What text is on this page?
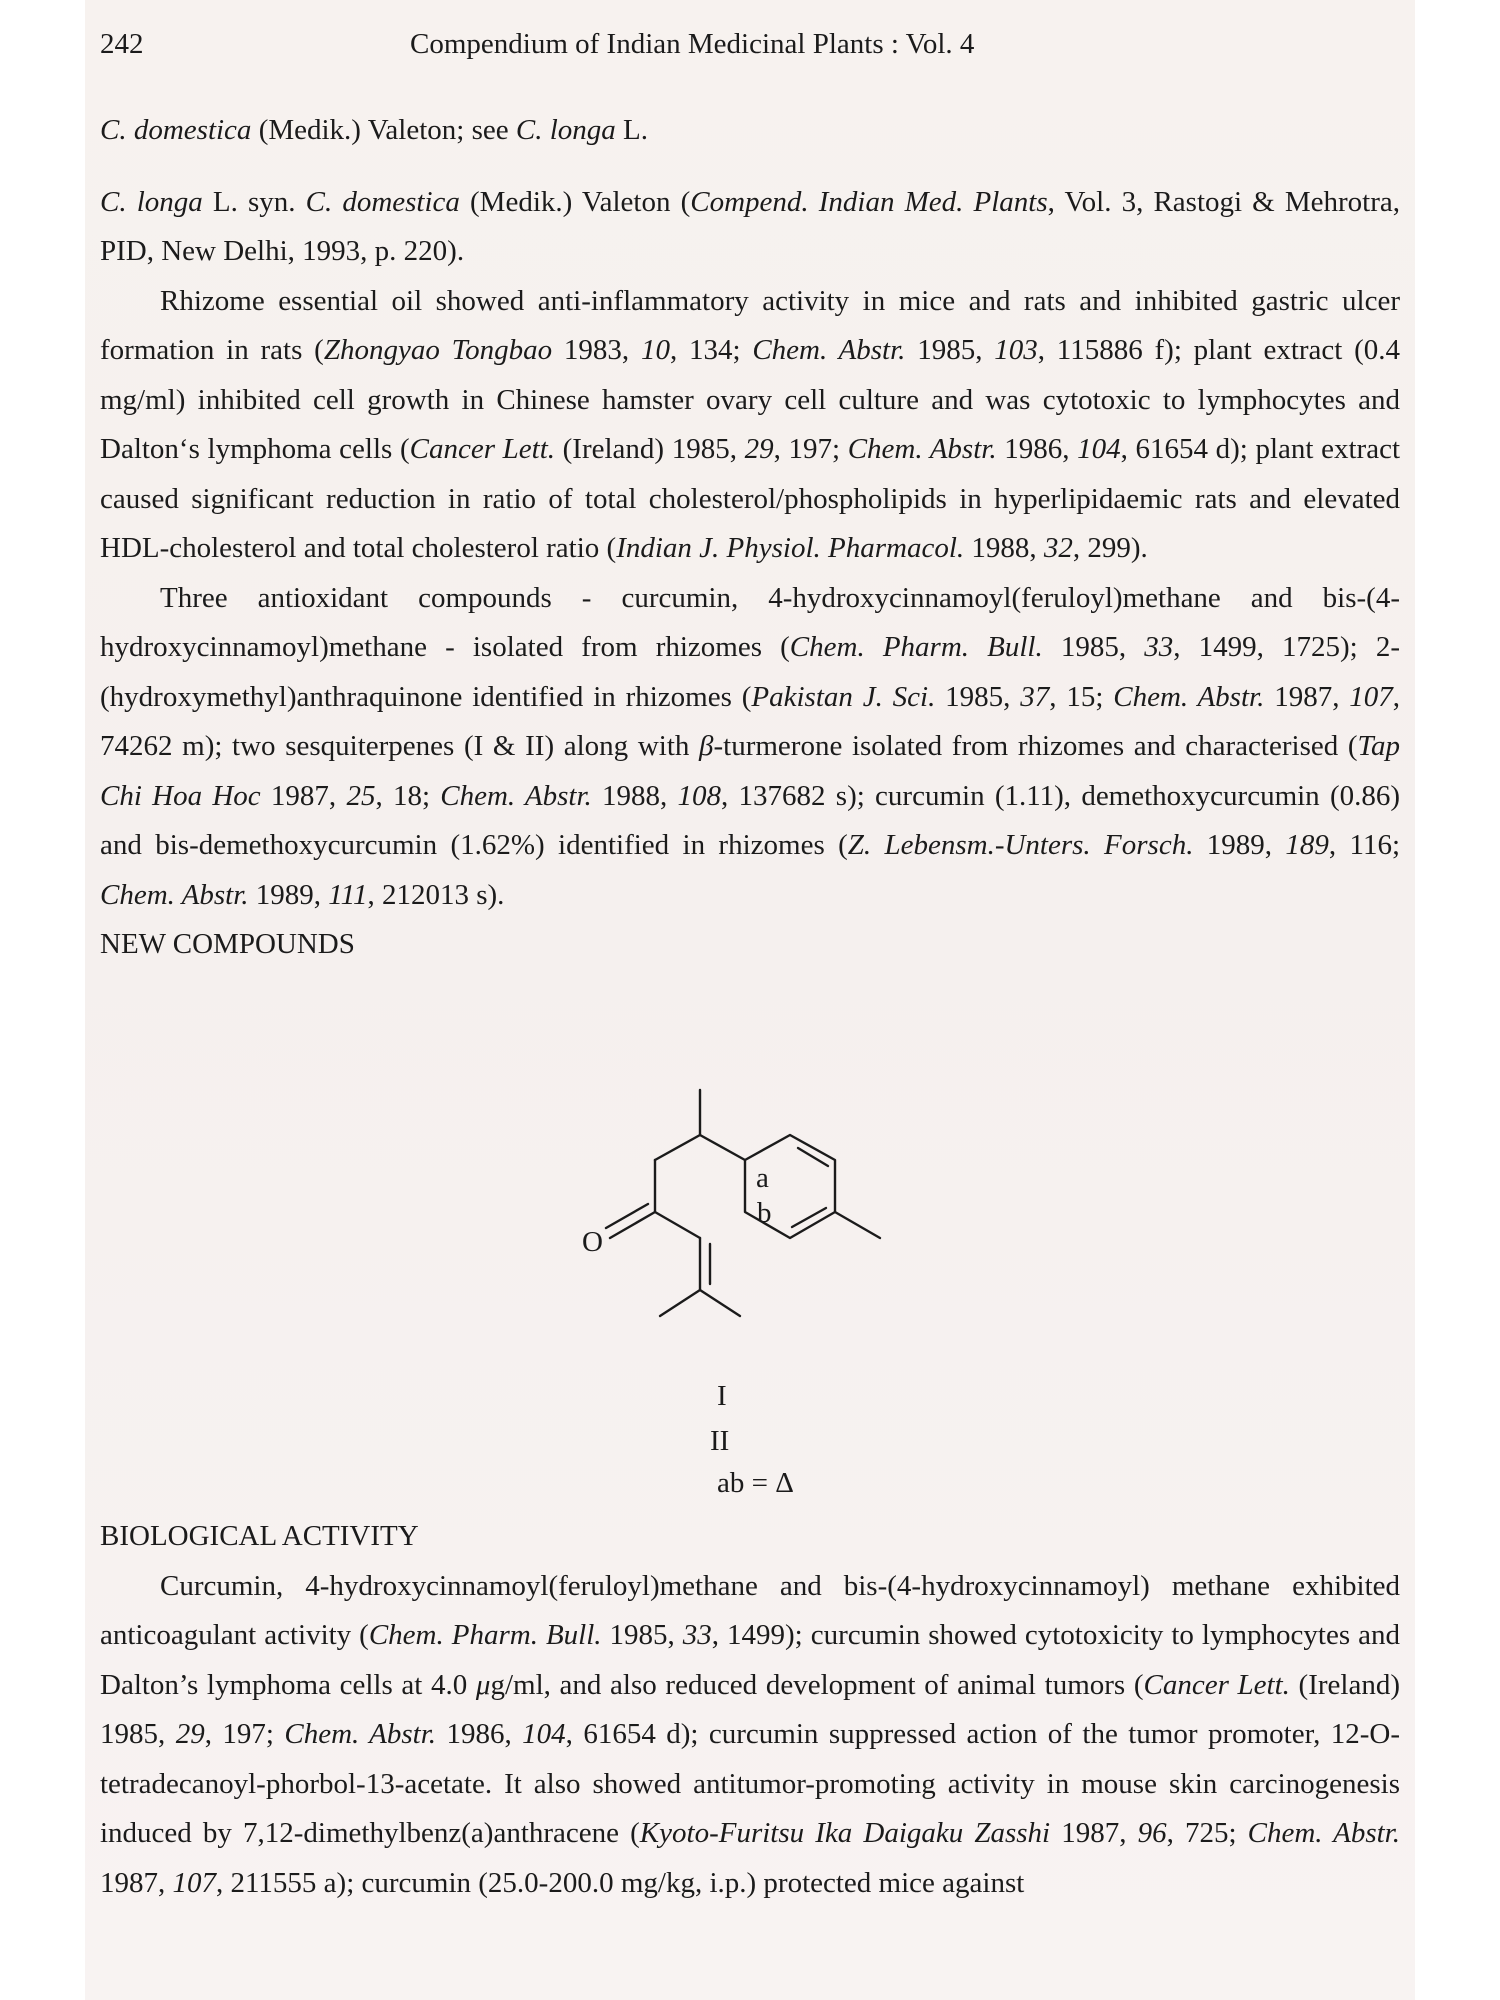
242	Compendium of Indian Medicinal Plants : Vol. 4

C. domestica (Medik.) Valeton; see C. longa L.

C. longa L. syn. C. domestica (Medik.) Valeton (Compend. Indian Med. Plants, Vol. 3, Rastogi & Mehrotra, PID, New Delhi, 1993, p. 220).

Rhizome essential oil showed anti-inflammatory activity in mice and rats and inhibited gastric ulcer formation in rats (Zhongyao Tongbao 1983, 10, 134; Chem. Abstr. 1985, 103, 115886 f); plant extract (0.4 mg/ml) inhibited cell growth in Chinese hamster ovary cell culture and was cytotoxic to lymphocytes and Dalton‘s lymphoma cells (Cancer Lett. (Ireland) 1985, 29, 197; Chem. Abstr. 1986, 104, 61654 d); plant extract caused significant reduction in ratio of total cholesterol/phospholipids in hyperlipidaemic rats and elevated HDL-cholesterol and total cholesterol ratio (Indian J. Physiol. Pharmacol. 1988, 32, 299).

Three antioxidant compounds - curcumin, 4-hydroxycinnamoyl(feruloyl)methane and bis-(4-hydroxycinnamoyl)methane - isolated from rhizomes (Chem. Pharm. Bull. 1985, 33, 1499, 1725); 2-(hydroxymethyl)anthraquinone identified in rhizomes (Pakistan J. Sci. 1985, 37, 15; Chem. Abstr. 1987, 107, 74262 m); two sesquiterpenes (I & II) along with β-turmerone isolated from rhizomes and characterised (Tap Chi Hoa Hoc 1987, 25, 18; Chem. Abstr. 1988, 108, 137682 s); curcumin (1.11), demethoxycurcumin (0.86) and bis-demethoxycurcumin (1.62%) identified in rhizomes (Z. Lebensm.-Unters. Forsch. 1989, 189, 116; Chem. Abstr. 1989, 111, 212013 s).

NEW COMPOUNDS

a
b
O
I
II
ab = Δ

BIOLOGICAL ACTIVITY

Curcumin, 4-hydroxycinnamoyl(feruloyl)methane and bis-(4-hydroxycinnamoyl) methane exhibited anticoagulant activity (Chem. Pharm. Bull. 1985, 33, 1499); curcumin showed cytotoxicity to lymphocytes and Dalton’s lymphoma cells at 4.0 μg/ml, and also reduced development of animal tumors (Cancer Lett. (Ireland) 1985, 29, 197; Chem. Abstr. 1986, 104, 61654 d); curcumin suppressed action of the tumor promoter, 12-O-tetradecanoyl-phorbol-13-acetate. It also showed antitumor-promoting activity in mouse skin carcinogenesis induced by 7,12-dimethylbenz(a)anthracene (Kyoto-Furitsu Ika Daigaku Zasshi 1987, 96, 725; Chem. Abstr. 1987, 107, 211555 a); curcumin (25.0-200.0 mg/kg, i.p.) protected mice against
